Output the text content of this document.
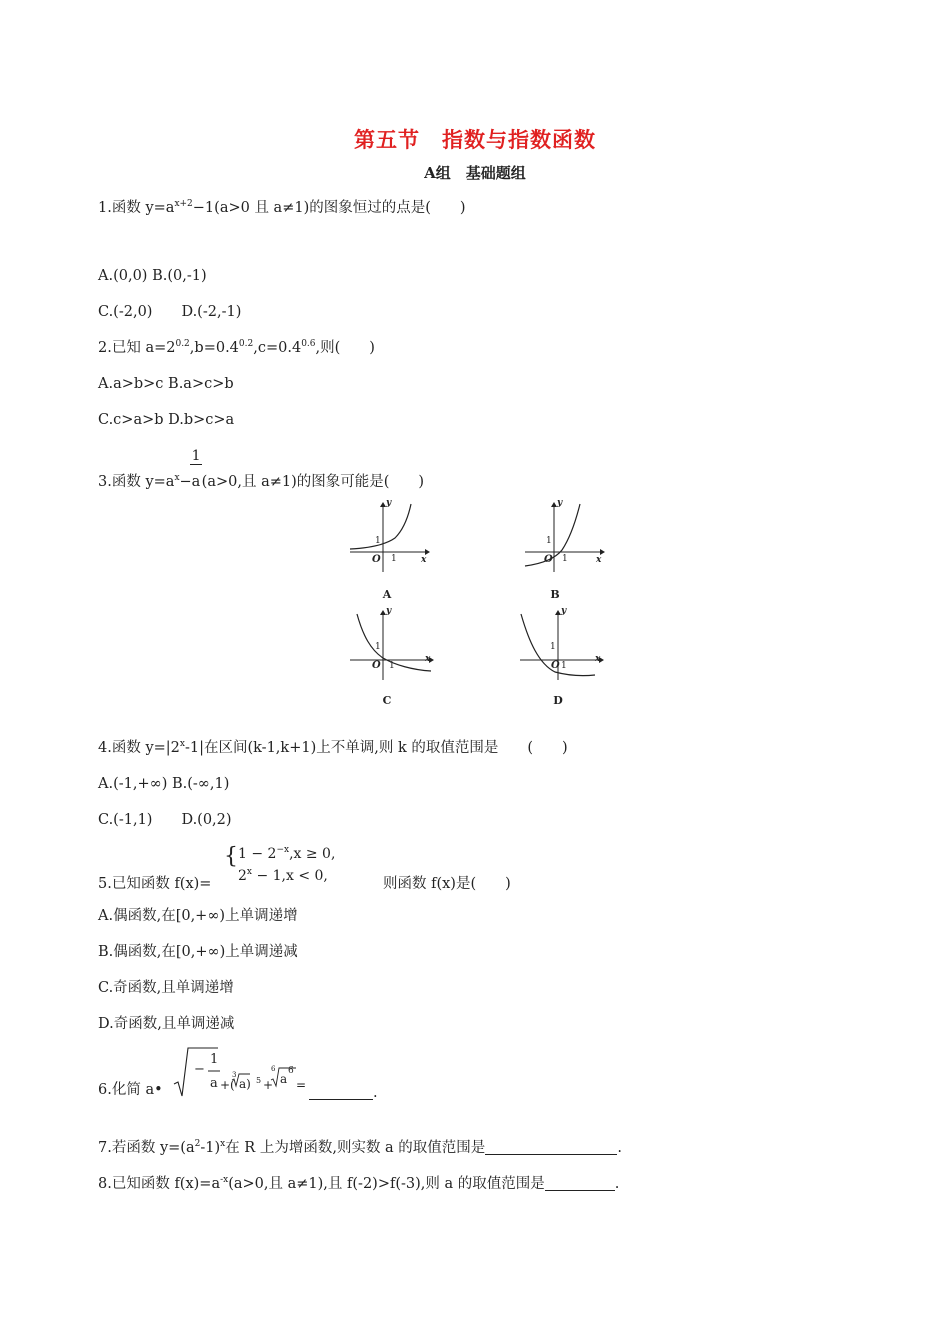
第五节　指数与指数函数
A组　基础题组
1.函数 $y=a^{x+2}-1(a>0$ 且 a≠1)的图象恒过的点是(　　)
A.(0,0) B.(0,-1)
C.(-2,0)　　D.(-2,-1)
2.已知 $a=2^{0.2},b=0.4^{0.2},c=0.4^{0.6}$,则(　　)
A.a>b>c B.a>c>b
C.c>a>b D.b>c>a
3.函数 $y=a^x- \frac{1}{a}(a>0$,且 a≠1)的图象可能是(　　)
y
x
O
1
1
A
y
x
O
1
1
B
y
x
O
1
1
C
y
x
O
1
1
D
4.函数 $y=|2^x-1|$在区间(k-1,k+1)上不单调,则 k 的取值范围是　　(　　)
A.(-1,+∞) B.(-∞,1)
C.(-1,1)　　D.(0,2)
{ $1 - 2^{-x},x \ge 0$,
$2^x - 1,x < 0$,
5.已知函数 f(x)=	则函数 f(x)是(　　)
A.偶函数,在[0,+∞)上单调递增
B.偶函数,在[0,+∞)上单调递减
C.奇函数,且单调递增
D.奇函数,且单调递减
6.化简 a•
−
1
a +(
3
a) 5 +
6
a
6
=	.
7.若函数 $y=(a^2-1)^x$在 R 上为增函数,则实数 a 的取值范围是	.
8.已知函数 $f(x)=a^{-x}(a>0$,且 a≠1),且 f(-2)>f(-3),则 a 的取值范围是	.
